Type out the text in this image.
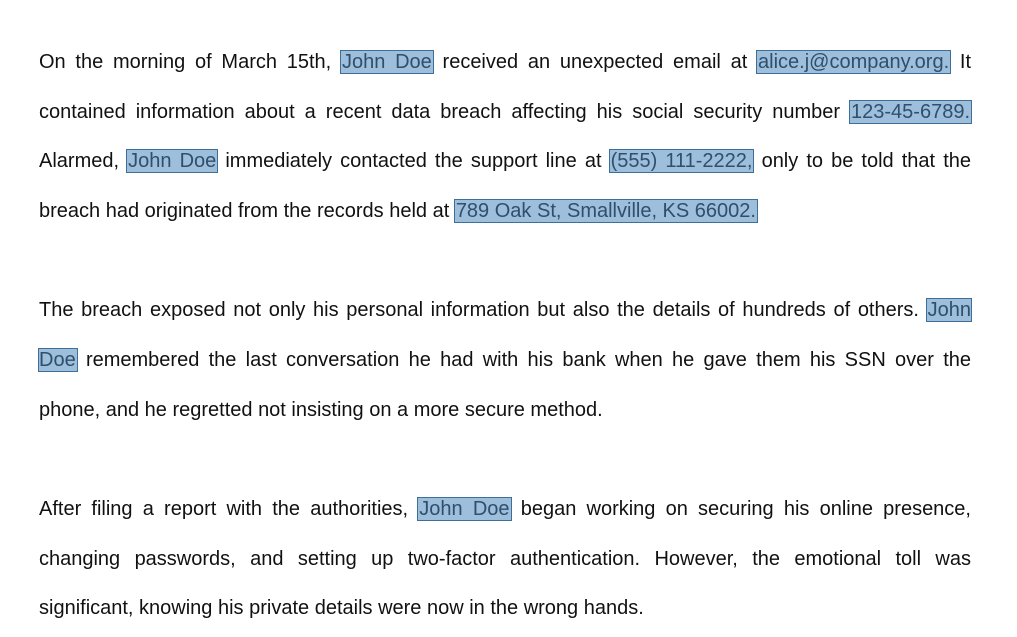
On the morning of March 15th, John Doe received an unexpected email at alice.j@company.org. It contained information about a recent data breach affecting his social security number 123-45-6789. Alarmed, John Doe immediately contacted the support line at (555) 111-2222, only to be told that the breach had originated from the records held at 789 Oak St, Smallville, KS 66002.

The breach exposed not only his personal information but also the details of hundreds of others. John Doe remembered the last conversation he had with his bank when he gave them his SSN over the phone, and he regretted not insisting on a more secure method.

After filing a report with the authorities, John Doe began working on securing his online presence, changing passwords, and setting up two-factor authentication. However, the emotional toll was significant, knowing his private details were now in the wrong hands.
